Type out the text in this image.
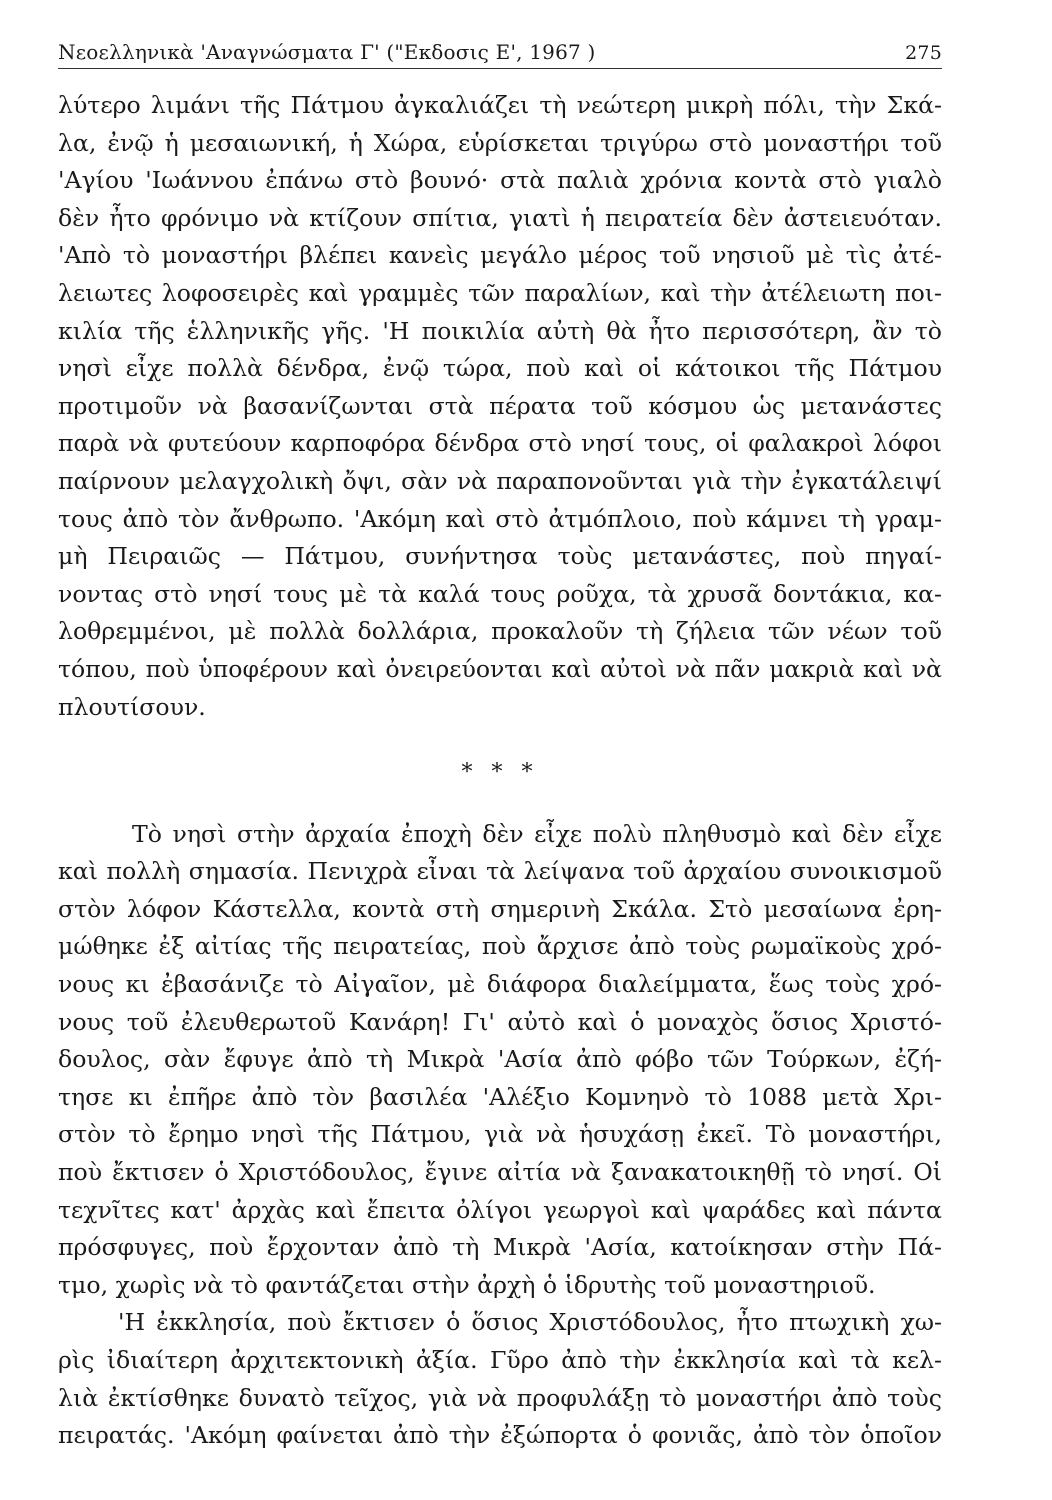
Νεοελληνικὰ 'Αναγνώσματα Γ' ("Εκδοσις Ε', 1967 )	275
λύτερο λιμάνι τῆς Πάτμου ἀγκαλιάζει τὴ νεώτερη μικρὴ πόλι, τὴν Σκά-
λα, ἐνῷ ἡ μεσαιωνική, ἡ Χώρα, εὑρίσκεται τριγύρω στὸ μοναστήρι τοῦ
'Αγίου 'Ιωάννου ἐπάνω στὸ βουνό· στὰ παλιὰ χρόνια κοντὰ στὸ γιαλὸ
δὲν ἦτο φρόνιμο νὰ κτίζουν σπίτια, γιατὶ ἡ πειρατεία δὲν ἀστειευόταν.
'Απὸ τὸ μοναστήρι βλέπει κανεὶς μεγάλο μέρος τοῦ νησιοῦ μὲ τὶς ἀτέ-
λειωτες λοφοσειρὲς καὶ γραμμὲς τῶν παραλίων, καὶ τὴν ἀτέλειωτη ποι-
κιλία τῆς ἑλληνικῆς γῆς. 'Η ποικιλία αὐτὴ θὰ ἦτο περισσότερη, ἂν τὸ
νησὶ εἶχε πολλὰ δένδρα, ἐνῷ τώρα, ποὺ καὶ οἱ κάτοικοι τῆς Πάτμου
προτιμοῦν νὰ βασανίζωνται στὰ πέρατα τοῦ κόσμου ὡς μετανάστες
παρὰ νὰ φυτεύουν καρποφόρα δένδρα στὸ νησί τους, οἱ φαλακροὶ λόφοι
παίρνουν μελαγχολικὴ ὄψι, σὰν νὰ παραπονοῦνται γιὰ τὴν ἐγκατάλειψί
τους ἀπὸ τὸν ἄνθρωπο. 'Ακόμη καὶ στὸ ἀτμόπλοιο, ποὺ κάμνει τὴ γραμ-
μὴ Πειραιῶς — Πάτμου, συνήντησα τοὺς μετανάστες, ποὺ πηγαί-
νοντας στὸ νησί τους μὲ τὰ καλά τους ροῦχα, τὰ χρυσᾶ δοντάκια, κα-
λοθρεμμένοι, μὲ πολλὰ δολλάρια, προκαλοῦν τὴ ζήλεια τῶν νέων τοῦ
τόπου, ποὺ ὑποφέρουν καὶ ὀνειρεύονται καὶ αὐτοὶ νὰ πᾶν μακριὰ καὶ νὰ
πλουτίσουν.
* * *
Τὸ νησὶ στὴν ἀρχαία ἐποχὴ δὲν εἶχε πολὺ πληθυσμὸ καὶ δὲν εἶχε
καὶ πολλὴ σημασία. Πενιχρὰ εἶναι τὰ λείψανα τοῦ ἀρχαίου συνοικισμοῦ
στὸν λόφον Κάστελλα, κοντὰ στὴ σημερινὴ Σκάλα. Στὸ μεσαίωνα ἐρη-
μώθηκε ἐξ αἰτίας τῆς πειρατείας, ποὺ ἄρχισε ἀπὸ τοὺς ρωμαϊκοὺς χρό-
νους κι ἐβασάνιζε τὸ Αἰγαῖον, μὲ διάφορα διαλείμματα, ἕως τοὺς χρό-
νους τοῦ ἐλευθερωτοῦ Κανάρη! Γι' αὐτὸ καὶ ὁ μοναχὸς ὅσιος Χριστό-
δουλος, σὰν ἔφυγε ἀπὸ τὴ Μικρὰ 'Ασία ἀπὸ φόβο τῶν Τούρκων, ἐζή-
τησε κι ἐπῆρε ἀπὸ τὸν βασιλέα 'Αλέξιο Κομνηνὸ τὸ 1088 μετὰ Χρι-
στὸν τὸ ἔρημο νησὶ τῆς Πάτμου, γιὰ νὰ ἡσυχάσῃ ἐκεῖ. Τὸ μοναστήρι,
ποὺ ἔκτισεν ὁ Χριστόδουλος, ἔγινε αἰτία νὰ ξανακατοικηθῇ τὸ νησί. Οἱ
τεχνῖτες κατ' ἀρχὰς καὶ ἔπειτα ὀλίγοι γεωργοὶ καὶ ψαράδες καὶ πάντα
πρόσφυγες, ποὺ ἔρχονταν ἀπὸ τὴ Μικρὰ 'Ασία, κατοίκησαν στὴν Πά-
τμο, χωρὶς νὰ τὸ φαντάζεται στὴν ἀρχὴ ὁ ἱδρυτὴς τοῦ μοναστηριοῦ.
'Η ἐκκλησία, ποὺ ἔκτισεν ὁ ὅσιος Χριστόδουλος, ἦτο πτωχικὴ χω-
ρὶς ἰδιαίτερη ἀρχιτεκτονικὴ ἀξία. Γῦρο ἀπὸ τὴν ἐκκλησία καὶ τὰ κελ-
λιὰ ἐκτίσθηκε δυνατὸ τεῖχος, γιὰ νὰ προφυλάξῃ τὸ μοναστήρι ἀπὸ τοὺς
πειρατάς. 'Ακόμη φαίνεται ἀπὸ τὴν ἐξώπορτα ὁ φονιᾶς, ἀπὸ τὸν ὁποῖον
